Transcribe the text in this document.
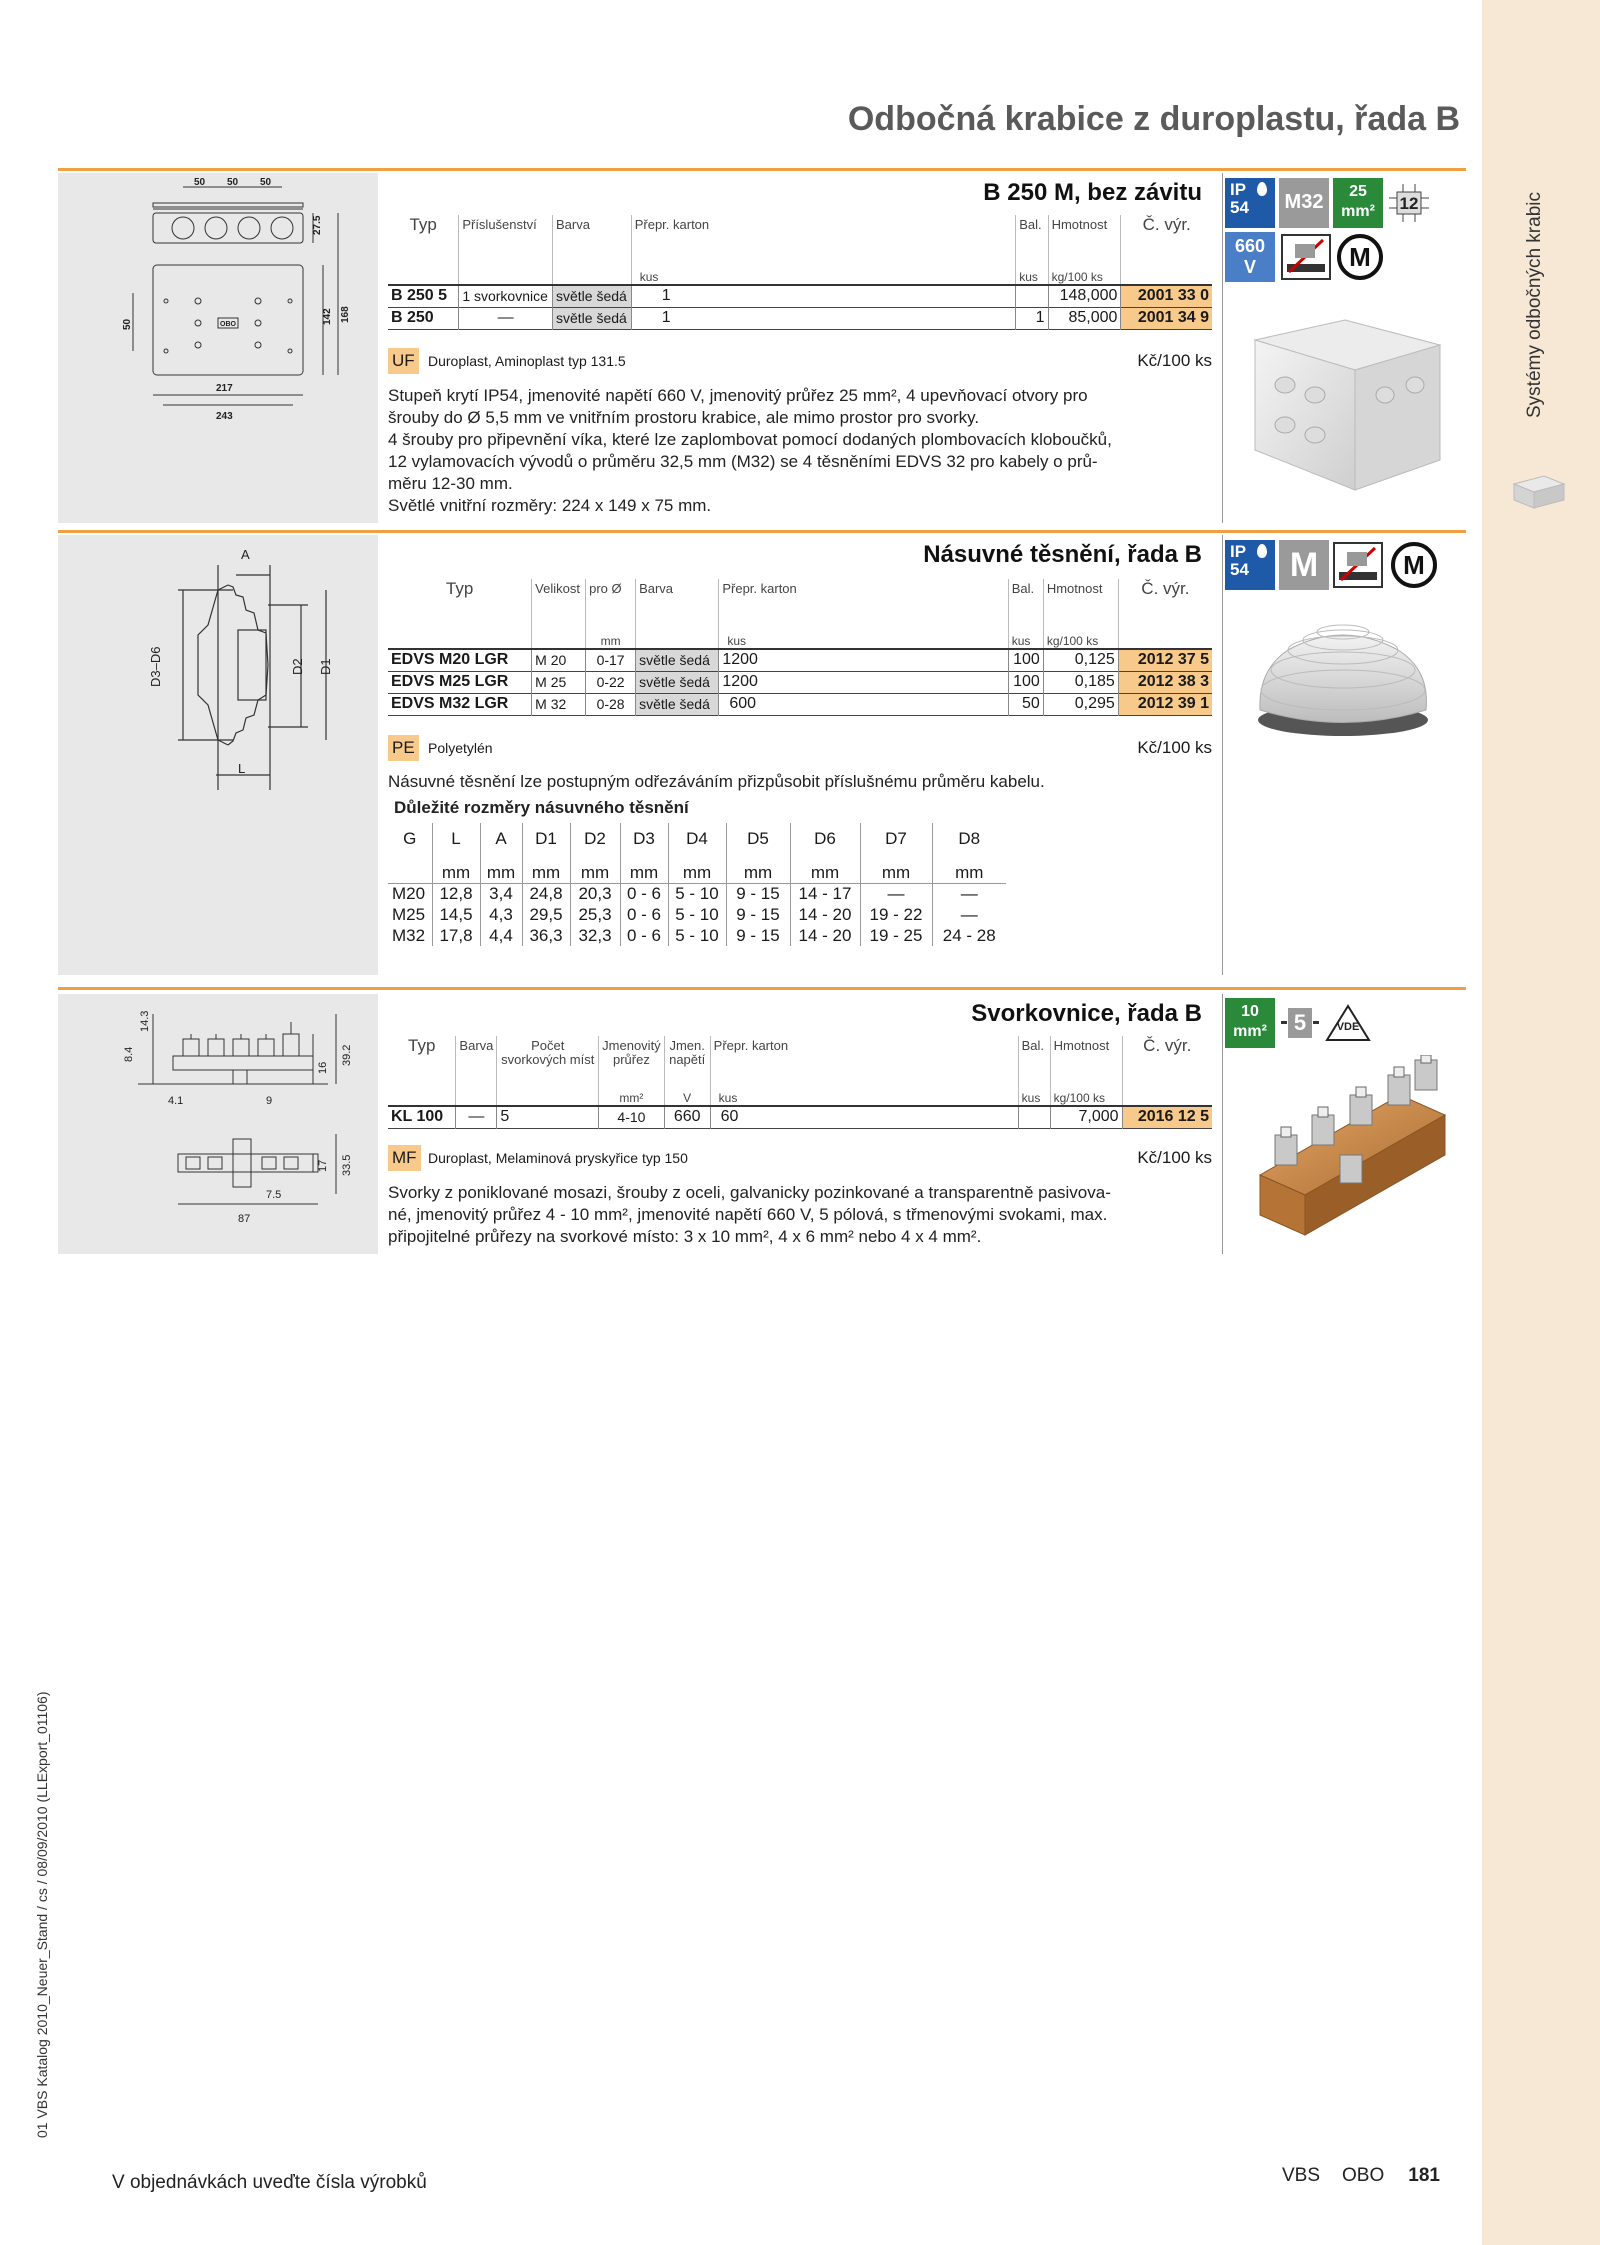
Systémy odbočných krabic
01 VBS Katalog 2010_Neuer_Stand / cs / 08/09/2010 (LLExport_01106)
Odbočná krabice z duroplastu, řada B
50 50 50
217
243
27.5
142 168
50	OBO
B 250 M, bez závitu
Typ	Příslušenství	Barva	Přepr. karton	Bal.	Hmotnost	Č. výr.
			kus	kus	kg/100 ks	
B 250 5	1 svorkovnice	světle šedá	1		148,000	2001 33 0
B 250	—	světle šedá	1	1	85,000	2001 34 9
UF Duroplast, Aminoplast typ 131.5	Kč/100 ks

Stupeň krytí IP54, jmenovité napětí 660 V, jmenovitý průřez 25 mm², 4 upevňovací otvory pro

šrouby do Ø 5,5 mm ve vnitřním prostoru krabice, ale mimo prostor pro svorky.

4 šrouby pro připevnění víka, které lze zaplombovat pomocí dodaných plombovacích kloboučků,

12 vylamovacích vývodů o průměru 32,5 mm (M32) se 4 těsněními EDVS 32 pro kabely o prů-

měru 12-30 mm.

Světlé vnitřní rozměry: 224 x 149 x 75 mm.

IP
54	M32	25
mm²	12
660
V	M
A
L
D3–D6	D2 D1
Násuvné těsnění, řada B
Typ	Velikost	pro Ø	Barva	Přepr. karton	Bal.	Hmotnost	Č. výr.
		mm		kus	kus	kg/100 ks	
EDVS M20 LGR	M 20	0-17	světle šedá	1200	100	0,125	2012 37 5
EDVS M25 LGR	M 25	0-22	světle šedá	1200	100	0,185	2012 38 3
EDVS M32 LGR	M 32	0-28	světle šedá	600	50	0,295	2012 39 1
PE Polyetylén	Kč/100 ks
Násuvné těsnění lze postupným odřezáváním přizpůsobit příslušnému průměru kabelu.
Důležité rozměry násuvného těsnění
G	L	A	D1	D2	D3	D4	D5	D6	D7	D8
	mm	mm	mm	mm	mm	mm	mm	mm	mm	mm
M20	12,8	3,4	24,8	20,3	0 - 6	5 - 10	9 - 15	14 - 17	—	—
M25	14,5	4,3	29,5	25,3	0 - 6	5 - 10	9 - 15	14 - 20	19 - 22	—
M32	17,8	4,4	36,3	32,3	0 - 6	5 - 10	9 - 15	14 - 20	19 - 25	24 - 28
IP
54	M	M
8.4
14.3
16
39.2
4.1	9
17 33.5
7.5
87
Svorkovnice, řada B
Typ	Barva	Počet svorkových míst	Jmenovitý průřez	Jmen. napětí	Přepr. karton	Bal.	Hmotnost	Č. výr.
			mm²	V	kus	kus	kg/100 ks	
KL 100	—	5	4-10	660	60		7,000	2016 12 5
MF Duroplast, Melaminová pryskyřice typ 150	Kč/100 ks

Svorky z poniklované mosazi, šrouby z oceli, galvanicky pozinkované a transparentně pasivova-

né, jmenovitý průřez 4 - 10 mm², jmenovité napětí 660 V, 5 pólová, s třmenovými svokami, max.

připojitelné průřezy na svorkové místo: 3 x 10 mm², 4 x 6 mm² nebo 4 x 4 mm².

10
mm²	5	VDE
V objednávkách uveďte čísla výrobků	VBS OBO 181
